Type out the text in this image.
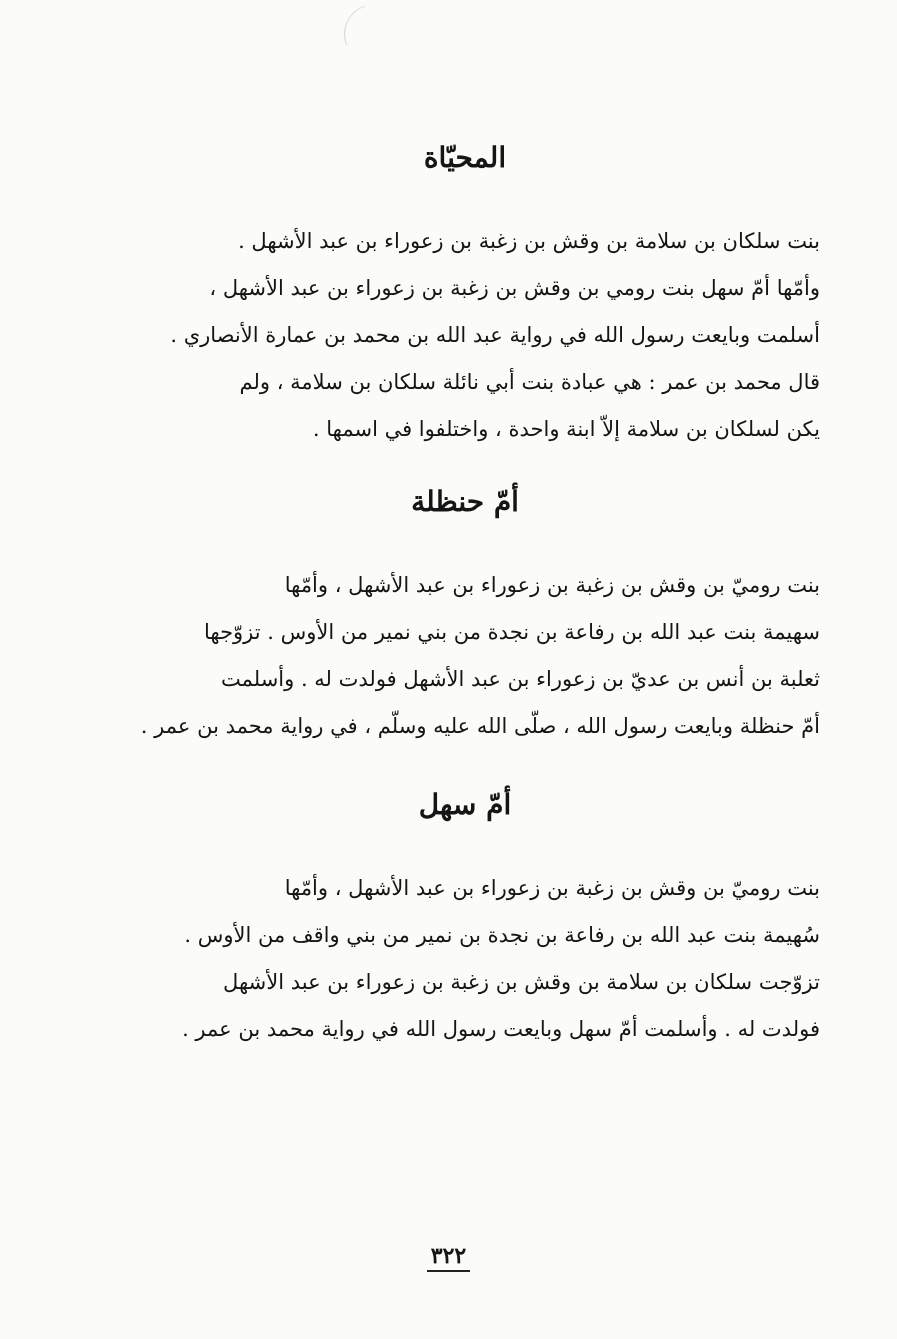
المحيّاة

بنت سلكان بن سلامة بن وقش بن زغبة بن زعوراء بن عبد الأشهل .
وأمّها أمّ سهل بنت رومي بن وقش بن زغبة بن زعوراء بن عبد الأشهل ،
أسلمت وبايعت رسول الله في رواية عبد الله بن محمد بن عمارة الأنصاري .

قال محمد بن عمر : هي عبادة بنت أبي نائلة سلكان بن سلامة ، ولم
يكن لسلكان بن سلامة إلاّ ابنة واحدة ، واختلفوا في اسمها .

أمّ حنظلة

بنت روميّ بن وقش بن زغبة بن زعوراء بن عبد الأشهل ، وأمّها
سهيمة بنت عبد الله بن رفاعة بن نجدة من بني نمير من الأوس . تزوّجها
ثعلبة بن أنس بن عديّ بن زعوراء بن عبد الأشهل فولدت له . وأسلمت
أمّ حنظلة وبايعت رسول الله ، صلّى الله عليه وسلّم ، في رواية محمد بن عمر .

أمّ سهل

بنت روميّ بن وقش بن زغبة بن زعوراء بن عبد الأشهل ، وأمّها
سُهيمة بنت عبد الله بن رفاعة بن نجدة بن نمير من بني واقف من الأوس .
تزوّجت سلكان بن سلامة بن وقش بن زغبة بن زعوراء بن عبد الأشهل
فولدت له . وأسلمت أمّ سهل وبايعت رسول الله في رواية محمد بن عمر .

٣٢٢
